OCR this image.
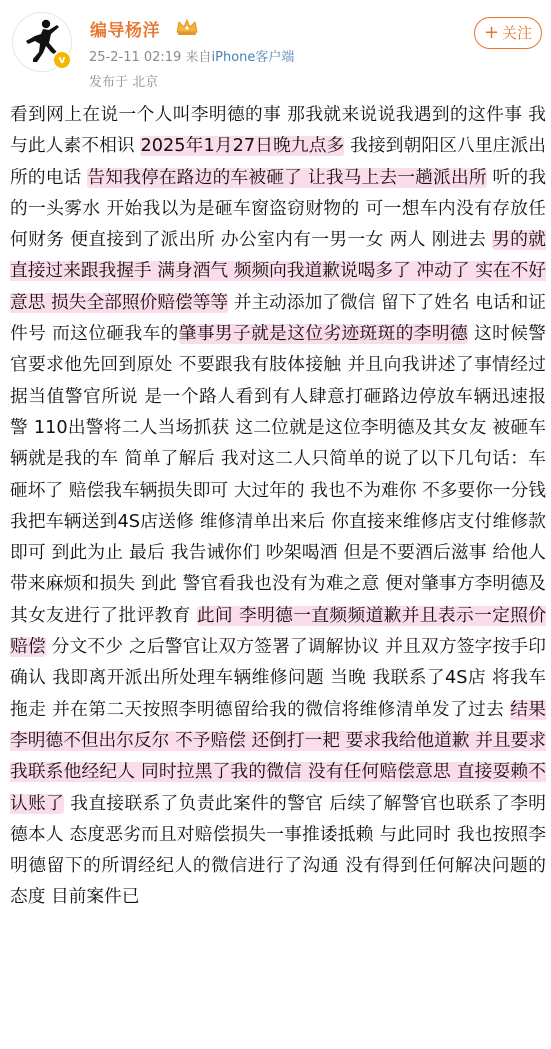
v
编导杨洋
25-2-11 02:19 来自iPhone客户端
发布于 北京
+ 关注
看到网上在说一个人叫李明德的事 那我就来说说我遇到的这件事 我与此人素不相识 2025年1月27日晚九点多 我接到朝阳区八里庄派出所的电话 告知我停在路边的车被砸了 让我马上去一趟派出所 听的我的一头雾水 开始我以为是砸车窗盗窃财物的 可一想车内没有存放任何财务 便直接到了派出所 办公室内有一男一女 两人 刚进去 男的就直接过来跟我握手 满身酒气 频频向我道歉说喝多了 冲动了 实在不好意思 损失全部照价赔偿等等 并主动添加了微信 留下了姓名 电话和证件号 而这位砸我车的肇事男子就是这位劣迹斑斑的李明德 这时候警官要求他先回到原处 不要跟我有肢体接触 并且向我讲述了事情经过 据当值警官所说 是一个路人看到有人肆意打砸路边停放车辆迅速报警 110出警将二人当场抓获 这二位就是这位李明德及其女友 被砸车辆就是我的车 简单了解后 我对这二人只简单的说了以下几句话：车砸坏了 赔偿我车辆损失即可 大过年的 我也不为难你 不多要你一分钱 我把车辆送到4S店送修 维修清单出来后 你直接来维修店支付维修款即可 到此为止 最后 我告诫你们 吵架喝酒 但是不要酒后滋事 给他人带来麻烦和损失 到此 警官看我也没有为难之意 便对肇事方李明德及其女友进行了批评教育 此间 李明德一直频频道歉并且表示一定照价赔偿 分文不少 之后警官让双方签署了调解协议 并且双方签字按手印确认 我即离开派出所处理车辆维修问题 当晚 我联系了4S店 将我车拖走 并在第二天按照李明德留给我的微信将维修清单发了过去 结果李明德不但出尔反尔 不予赔偿 还倒打一耙 要求我给他道歉 并且要求我联系他经纪人 同时拉黑了我的微信 没有任何赔偿意思 直接耍赖不认账了 我直接联系了负责此案件的警官 后续了解警官也联系了李明德本人 态度恶劣而且对赔偿损失一事推诿抵赖 与此同时 我也按照李明德留下的所谓经纪人的微信进行了沟通 没有得到任何解决问题的态度 目前案件已
